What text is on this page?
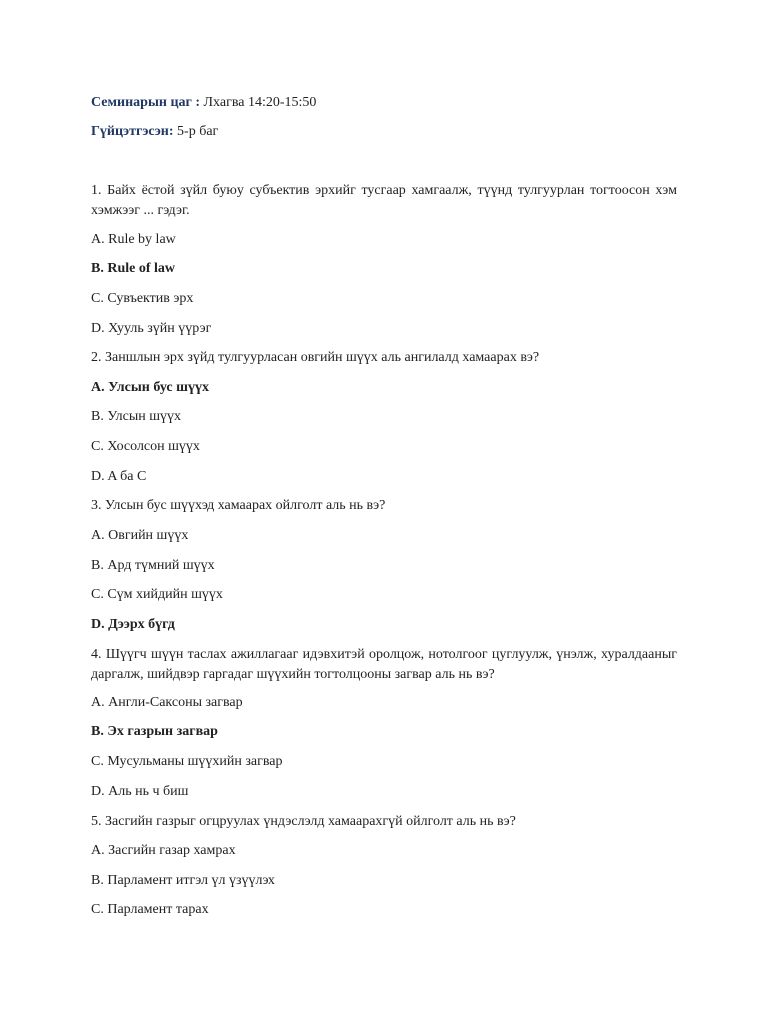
Семинарын цаг : Лхагва 14:20-15:50
Гүйцэтгэсэн: 5-р баг
1. Байх ёстой зүйл буюу субъектив эрхийг тусгаар хамгаалж, түүнд тулгуурлан тогтоосон хэм хэмжээг ... гэдэг.
A. Rule by law
B. Rule of law
C. Сувъектив эрх
D. Хууль зүйн үүрэг
2. Заншлын эрх зүйд тулгуурласан овгийн шүүх аль ангилалд хамаарах вэ?
A. Улсын бус шүүх
B. Улсын шүүх
C. Хосолсон шүүх
D. A ба C
3. Улсын бус шүүхэд хамаарах ойлголт аль нь вэ?
A. Овгийн шүүх
B. Ард түмний шүүх
C. Сүм хийдийн шүүх
D. Дээрх бүгд
4. Шүүгч шүүн таслах ажиллагааг идэвхитэй оролцож, нотолгоог цуглуулж, үнэлж, хуралдааныг даргалж, шийдвэр гаргадаг шүүхийн тогтолцооны загвар аль нь вэ?
A. Англи-Саксоны загвар
B. Эх газрын загвар
C. Мусульманы шүүхийн загвар
D. Аль нь ч биш
5. Засгийн газрыг огцруулах үндэслэлд хамаарахгүй ойлголт аль нь вэ?
A. Засгийн газар хамрах
B. Парламент итгэл үл үзүүлэх
C. Парламент тарах
